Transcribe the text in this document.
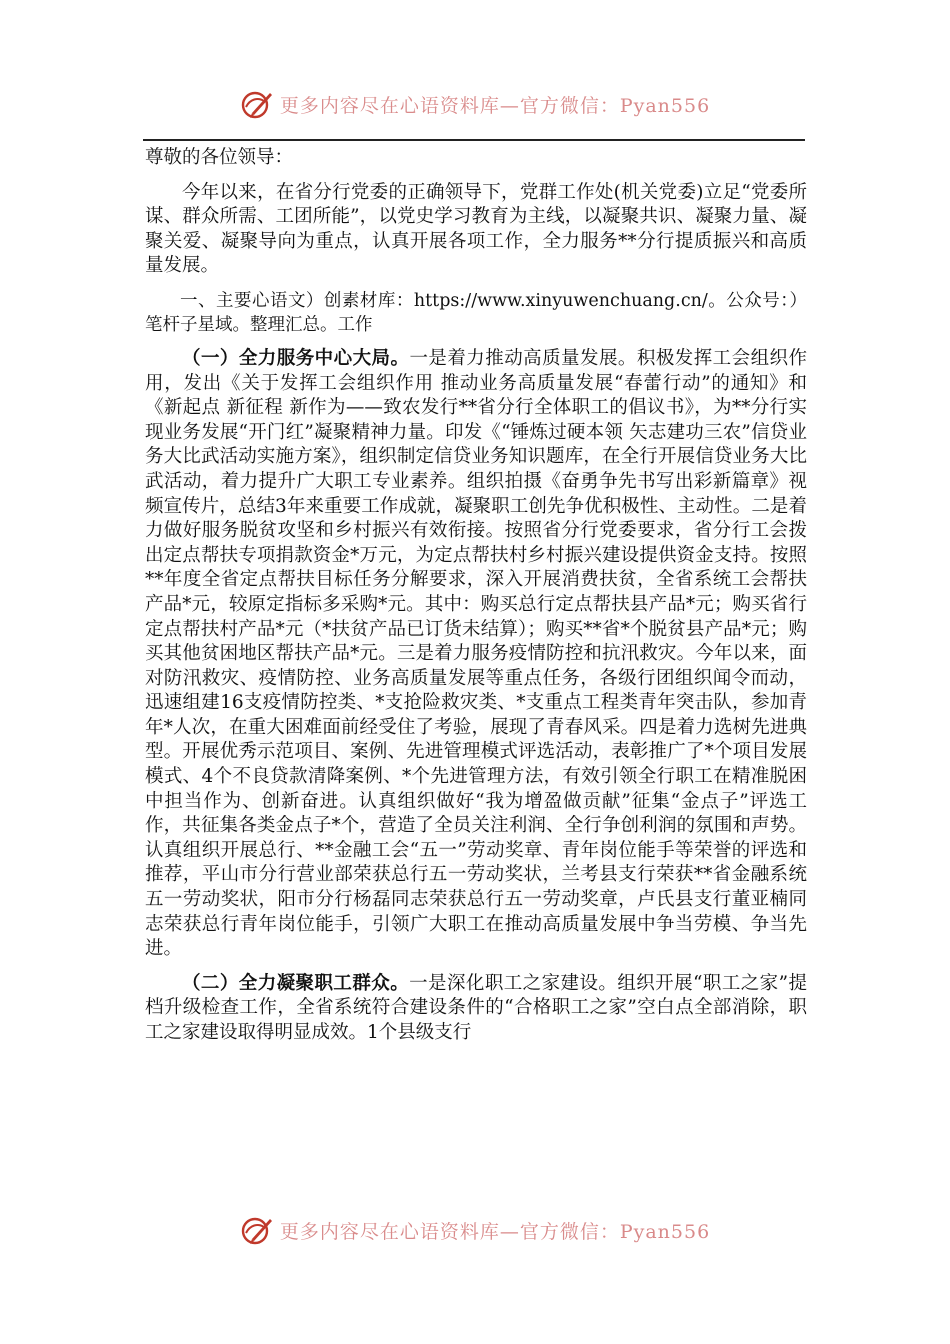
更多内容尽在心语资料库—官方微信：Pyan556

尊敬的各位领导：

今年以来，在省分行党委的正确领导下，党群工作处(机关党委)立足“党委所谋、群众所需、工团所能”，以党史学习教育为主线，以凝聚共识、凝聚力量、凝聚关爱、凝聚导向为重点，认真开展各项工作，全力服务**分行提质振兴和高质量发展。

一、主要心语文）创素材库：https://www.xinyuwenchuang.cn/。公众号：）笔杆子星域。整理汇总。工作

（一）全力服务中心大局。一是着力推动高质量发展。积极发挥工会组织作用，发出《关于发挥工会组织作用 推动业务高质量发展“春蕾行动”的通知》和《新起点 新征程 新作为——致农发行**省分行全体职工的倡议书》，为**分行实现业务发展“开门红”凝聚精神力量。印发《“锤炼过硬本领 矢志建功三农”信贷业务大比武活动实施方案》，组织制定信贷业务知识题库，在全行开展信贷业务大比武活动，着力提升广大职工专业素养。组织拍摄《奋勇争先书写出彩新篇章》视频宣传片，总结3年来重要工作成就，凝聚职工创先争优积极性、主动性。二是着力做好服务脱贫攻坚和乡村振兴有效衔接。按照省分行党委要求，省分行工会拨出定点帮扶专项捐款资金*万元，为定点帮扶村乡村振兴建设提供资金支持。按照**年度全省定点帮扶目标任务分解要求，深入开展消费扶贫，全省系统工会帮扶产品*元，较原定指标多采购*元。其中：购买总行定点帮扶县产品*元；购买省行定点帮扶村产品*元（*扶贫产品已订货未结算）；购买**省*个脱贫县产品*元；购买其他贫困地区帮扶产品*元。三是着力服务疫情防控和抗汛救灾。今年以来，面对防汛救灾、疫情防控、业务高质量发展等重点任务，各级行团组织闻令而动，迅速组建16支疫情防控类、*支抢险救灾类、*支重点工程类青年突击队，参加青年*人次，在重大困难面前经受住了考验，展现了青春风采。四是着力选树先进典型。开展优秀示范项目、案例、先进管理模式评选活动，表彰推广了*个项目发展模式、4个不良贷款清降案例、*个先进管理方法，有效引领全行职工在精准脱困中担当作为、创新奋进。认真组织做好“我为增盈做贡献”征集“金点子”评选工作，共征集各类金点子*个，营造了全员关注利润、全行争创利润的氛围和声势。认真组织开展总行、**金融工会“五一”劳动奖章、青年岗位能手等荣誉的评选和推荐，平山市分行营业部荣获总行五一劳动奖状，兰考县支行荣获**省金融系统五一劳动奖状，阳市分行杨磊同志荣获总行五一劳动奖章，卢氏县支行董亚楠同志荣获总行青年岗位能手，引领广大职工在推动高质量发展中争当劳模、争当先进。

（二）全力凝聚职工群众。一是深化职工之家建设。组织开展“职工之家”提档升级检查工作，全省系统符合建设条件的“合格职工之家”空白点全部消除，职工之家建设取得明显成效。1个县级支行

更多内容尽在心语资料库—官方微信：Pyan556
